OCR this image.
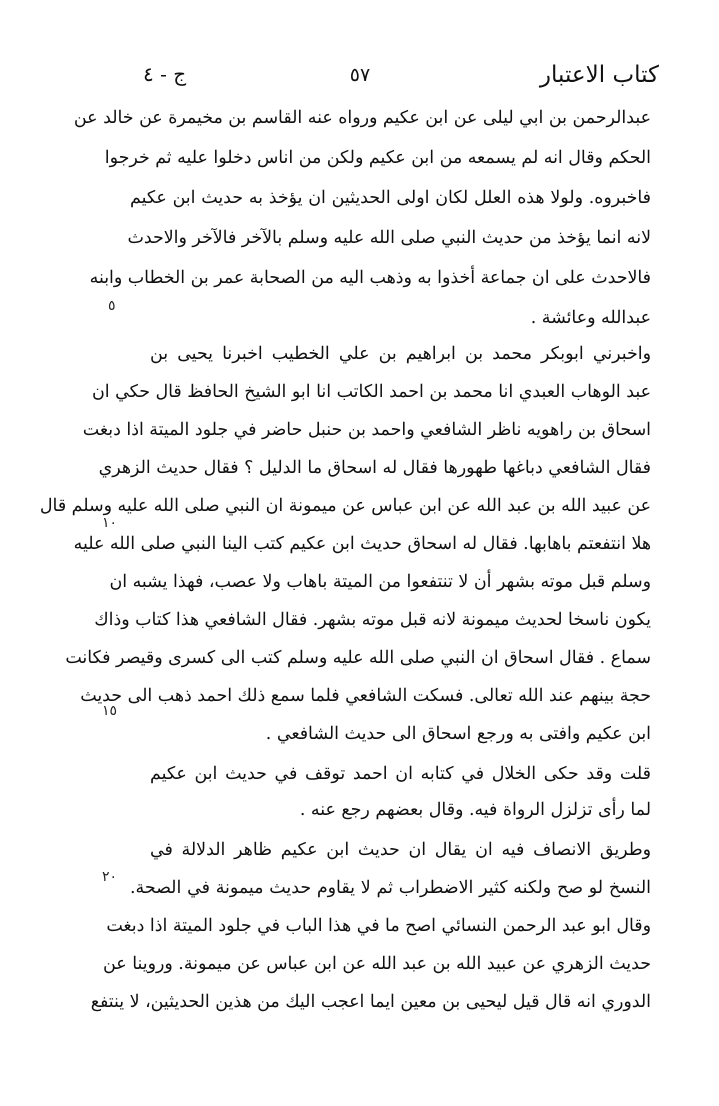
كتاب الاعتبار
٥٧
ج - ٤
عبدالرحمن بن ابي ليلى عن ابن عكيم ورواه عنه القاسم بن مخيمرة عن خالد عن
الحكم وقال انه لم يسمعه من ابن عكيم ولكن من اناس دخلوا عليه ثم خرجوا
فاخبروه. ولولا هذه العلل لكان اولى الحديثين ان يؤخذ به حديث ابن عكيم
لانه انما يؤخذ من حديث النبي صلى الله عليه وسلم بالآخر فالآخر والاحدث
فالاحدث على ان جماعة أخذوا به وذهب اليه من الصحابة عمر بن الخطاب وابنه
عبدالله وعائشة .
واخبرني ابوبكر محمد بن ابراهيم بن علي الخطيب اخبرنا يحيى بن
عبد الوهاب العبدي انا محمد بن احمد الكاتب انا ابو الشيخ الحافظ قال حكي ان
اسحاق بن راهويه ناظر الشافعي واحمد بن حنبل حاضر في جلود الميتة اذا دبغت
فقال الشافعي دباغها طهورها فقال له اسحاق ما الدليل ؟ فقال حديث الزهري
عن عبيد الله بن عبد الله عن ابن عباس عن ميمونة ان النبي صلى الله عليه وسلم قال
هلا انتفعتم باهابها. فقال له اسحاق حديث ابن عكيم كتب الينا النبي صلى الله عليه
وسلم قبل موته بشهر أن لا تنتفعوا من الميتة باهاب ولا عصب، فهذا يشبه ان
يكون ناسخا لحديث ميمونة لانه قبل موته بشهر. فقال الشافعي هذا كتاب وذاك
سماع . فقال اسحاق ان النبي صلى الله عليه وسلم كتب الى كسرى وقيصر فكانت
حجة بينهم عند الله تعالى. فسكت الشافعي فلما سمع ذلك احمد ذهب الى حديث
ابن عكيم وافتى به ورجع اسحاق الى حديث الشافعي .
قلت وقد حكى الخلال في كتابه ان احمد توقف في حديث ابن عكيم
لما رأى تزلزل الرواة فيه. وقال بعضهم رجع عنه .
وطريق الانصاف فيه ان يقال ان حديث ابن عكيم ظاهر الدلالة في
النسخ لو صح ولكنه كثير الاضطراب ثم لا يقاوم حديث ميمونة في الصحة.
وقال ابو عبد الرحمن النسائي اصح ما في هذا الباب في جلود الميتة اذا دبغت
حديث الزهري عن عبيد الله بن عبد الله عن ابن عباس عن ميمونة. وروينا عن
الدوري انه قال قيل ليحيى بن معين ايما اعجب اليك من هذين الحديثين، لا ينتفع
٥
١٠
١٥
٢٠
